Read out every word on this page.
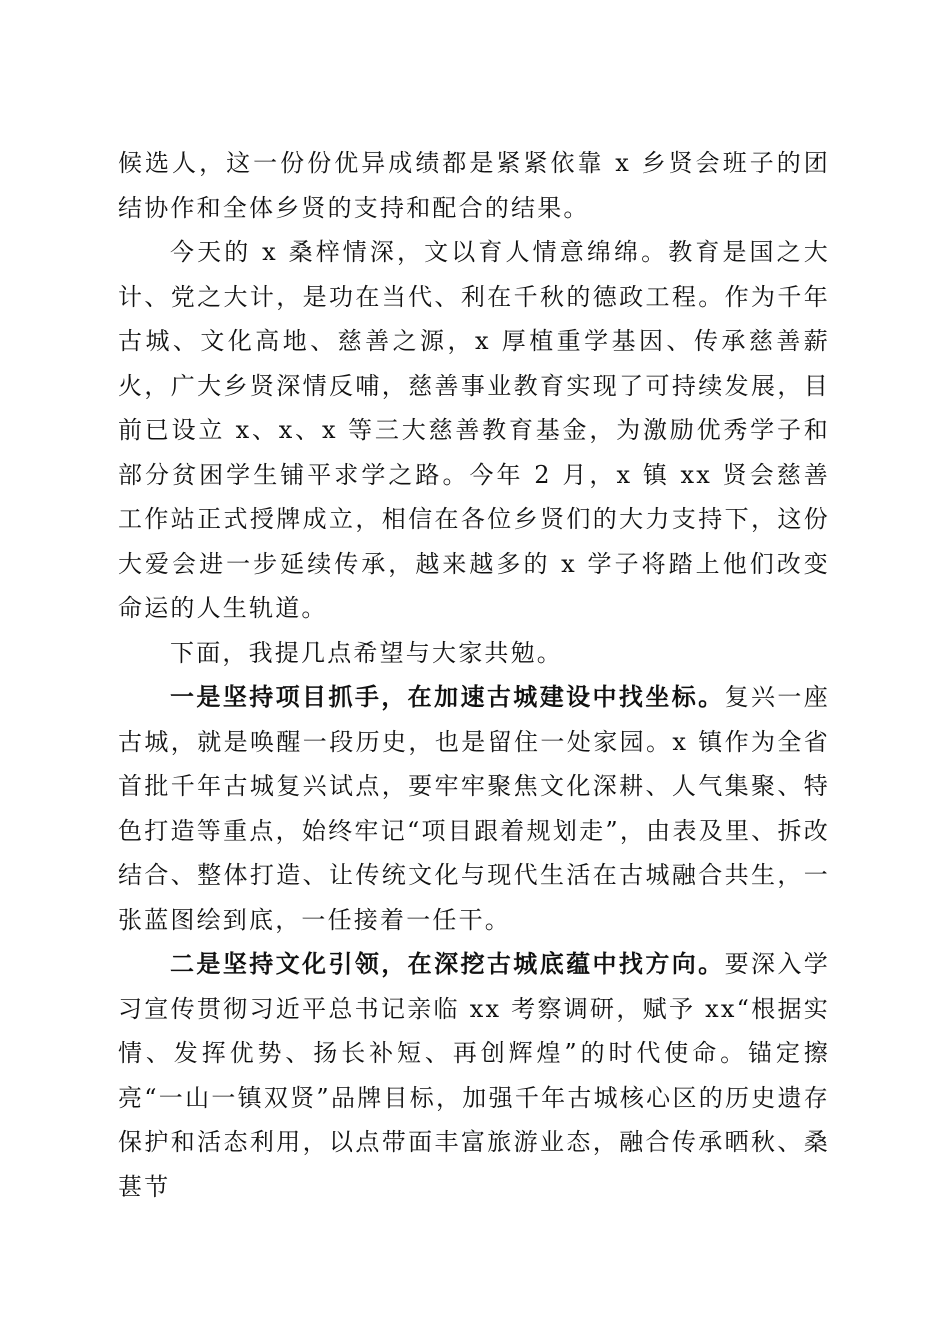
候选人，这一份份优异成绩都是紧紧依靠 x 乡贤会班子的团结协作和全体乡贤的支持和配合的结果。

今天的 x 桑梓情深，文以育人情意绵绵。教育是国之大计、党之大计，是功在当代、利在千秋的德政工程。作为千年古城、文化高地、慈善之源，x 厚植重学基因、传承慈善薪火，广大乡贤深情反哺，慈善事业教育实现了可持续发展，目前已设立 x、x、x 等三大慈善教育基金，为激励优秀学子和部分贫困学生铺平求学之路。今年 2 月，x 镇 xx 贤会慈善工作站正式授牌成立，相信在各位乡贤们的大力支持下，这份大爱会进一步延续传承，越来越多的 x 学子将踏上他们改变命运的人生轨道。

下面，我提几点希望与大家共勉。

一是坚持项目抓手，在加速古城建设中找坐标。复兴一座古城，就是唤醒一段历史，也是留住一处家园。x 镇作为全省首批千年古城复兴试点，要牢牢聚焦文化深耕、人气集聚、特色打造等重点，始终牢记“项目跟着规划走”，由表及里、拆改结合、整体打造、让传统文化与现代生活在古城融合共生，一张蓝图绘到底，一任接着一任干。

二是坚持文化引领，在深挖古城底蕴中找方向。要深入学习宣传贯彻习近平总书记亲临 xx 考察调研，赋予 xx“根据实情、发挥优势、扬长补短、再创辉煌”的时代使命。锚定擦亮“一山一镇双贤”品牌目标，加强千年古城核心区的历史遗存保护和活态利用，以点带面丰富旅游业态，融合传承晒秋、桑葚节
